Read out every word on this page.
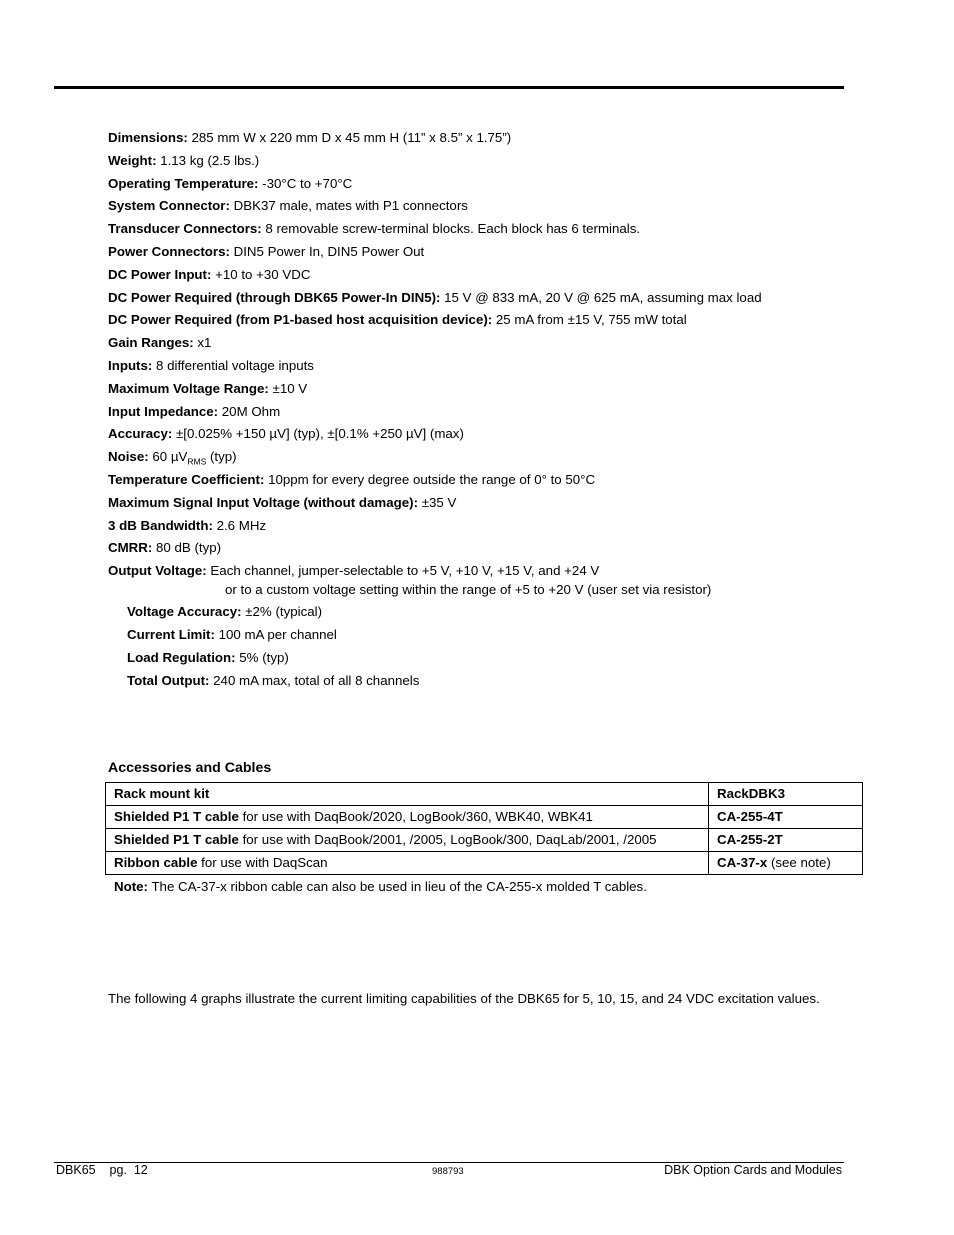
Dimensions: 285 mm W x 220 mm D x 45 mm H (11” x 8.5” x 1.75”)
Weight: 1.13 kg (2.5 lbs.)
Operating Temperature: -30°C to +70°C
System Connector: DBK37 male, mates with P1 connectors
Transducer Connectors: 8 removable screw-terminal blocks. Each block has 6 terminals.
Power Connectors: DIN5 Power In, DIN5 Power Out
DC Power Input: +10 to +30 VDC
DC Power Required (through DBK65 Power-In DIN5): 15 V @ 833 mA, 20 V @ 625 mA, assuming max load
DC Power Required (from P1-based host acquisition device): 25 mA from ±15 V, 755 mW total
Gain Ranges: x1
Inputs: 8 differential voltage inputs
Maximum Voltage Range: ±10 V
Input Impedance: 20M Ohm
Accuracy: ±[0.025% +150 µV] (typ), ±[0.1% +250 µV] (max)
Noise: 60 µV$_{RMS}$ (typ)
Temperature Coefficient: 10ppm for every degree outside the range of 0° to 50°C
Maximum Signal Input Voltage (without damage): ±35 V
3 dB Bandwidth: 2.6 MHz
CMRR: 80 dB (typ)
Output Voltage: Each channel, jumper-selectable to +5 V, +10 V, +15 V, and +24 V
or to a custom voltage setting within the range of +5 to +20 V (user set via resistor)
Voltage Accuracy: ±2% (typical)
Current Limit: 100 mA per channel
Load Regulation: 5% (typ)
Total Output: 240 mA max, total of all 8 channels
Accessories and Cables
Rack mount kit	RackDBK3
Shielded P1 T cable for use with DaqBook/2020, LogBook/360, WBK40, WBK41	CA-255-4T
Shielded P1 T cable for use with DaqBook/2001, /2005, LogBook/300, DaqLab/2001, /2005	CA-255-2T
Ribbon cable for use with DaqScan	CA-37-x (see note)
Note: The CA-37-x ribbon cable can also be used in lieu of the CA-255-x molded T cables.
The following 4 graphs illustrate the current limiting capabilities of the DBK65 for 5, 10, 15, and 24 VDC excitation values.
DBK65    pg.  12	988793	DBK Option Cards and Modules
